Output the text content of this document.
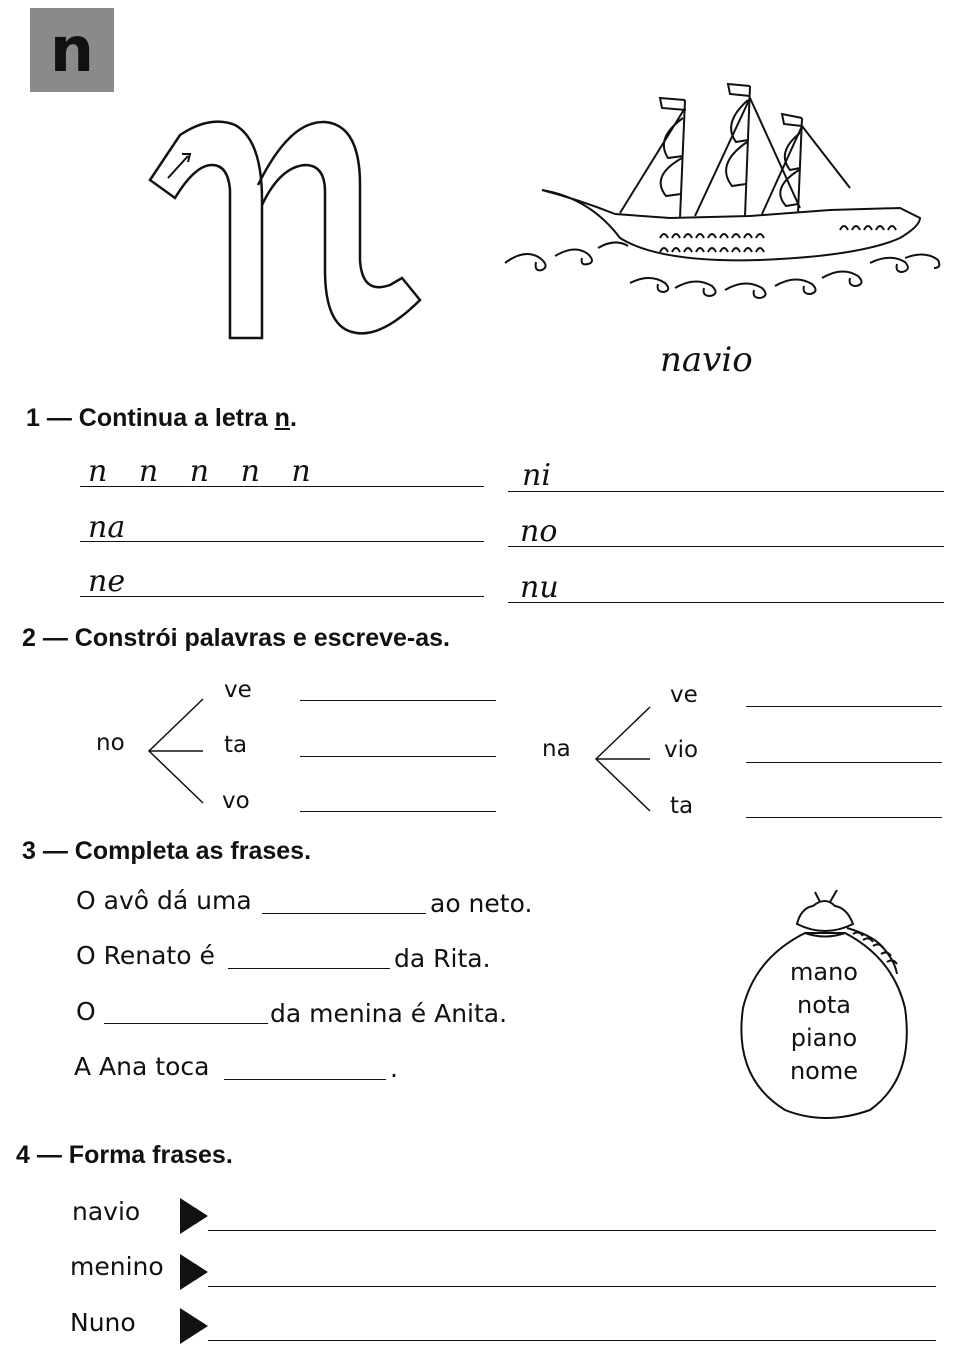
n
navio
1 — Continua a letra n.
n n n n n	ni
na	no
ne	nu
2 — Constrói palavras e escreve-as.
no
ve
ta
vo
na
ve
vio
ta
3 — Completa as frases.
O avô dá uma	ao neto.
O Renato é	da Rita.
O	da menina é Anita.
A Ana toca	.
mano
nota
piano
nome
4 — Forma frases.
navio
menino
Nuno
